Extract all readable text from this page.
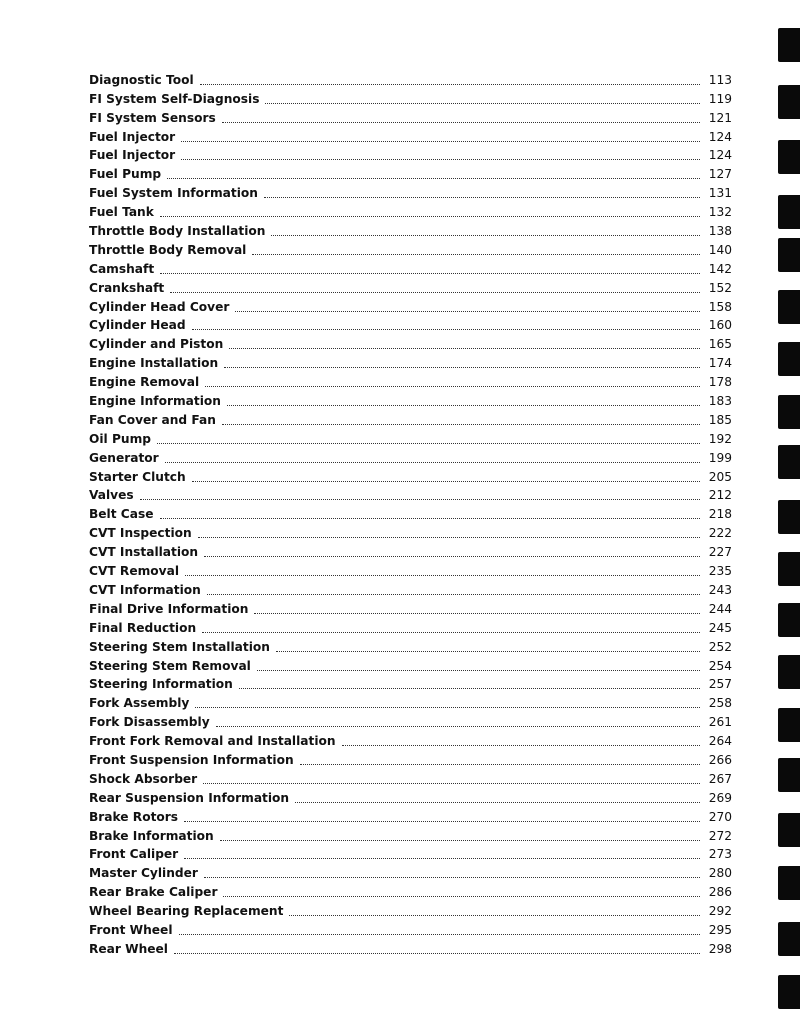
Diagnostic Tool	113
FI System Self-Diagnosis	119
FI System Sensors	121
Fuel Injector	124
Fuel Injector	124
Fuel Pump	127
Fuel System Information	131
Fuel Tank	132
Throttle Body Installation	138
Throttle Body Removal	140
Camshaft	142
Crankshaft	152
Cylinder Head Cover	158
Cylinder Head	160
Cylinder and Piston	165
Engine Installation	174
Engine Removal	178
Engine Information	183
Fan Cover and Fan	185
Oil Pump	192
Generator	199
Starter Clutch	205
Valves	212
Belt Case	218
CVT Inspection	222
CVT Installation	227
CVT Removal	235
CVT Information	243
Final Drive Information	244
Final Reduction	245
Steering Stem Installation	252
Steering Stem Removal	254
Steering Information	257
Fork Assembly	258
Fork Disassembly	261
Front Fork Removal and Installation	264
Front Suspension Information	266
Shock Absorber	267
Rear Suspension Information	269
Brake Rotors	270
Brake Information	272
Front Caliper	273
Master Cylinder	280
Rear Brake Caliper	286
Wheel Bearing Replacement	292
Front Wheel	295
Rear Wheel	298
